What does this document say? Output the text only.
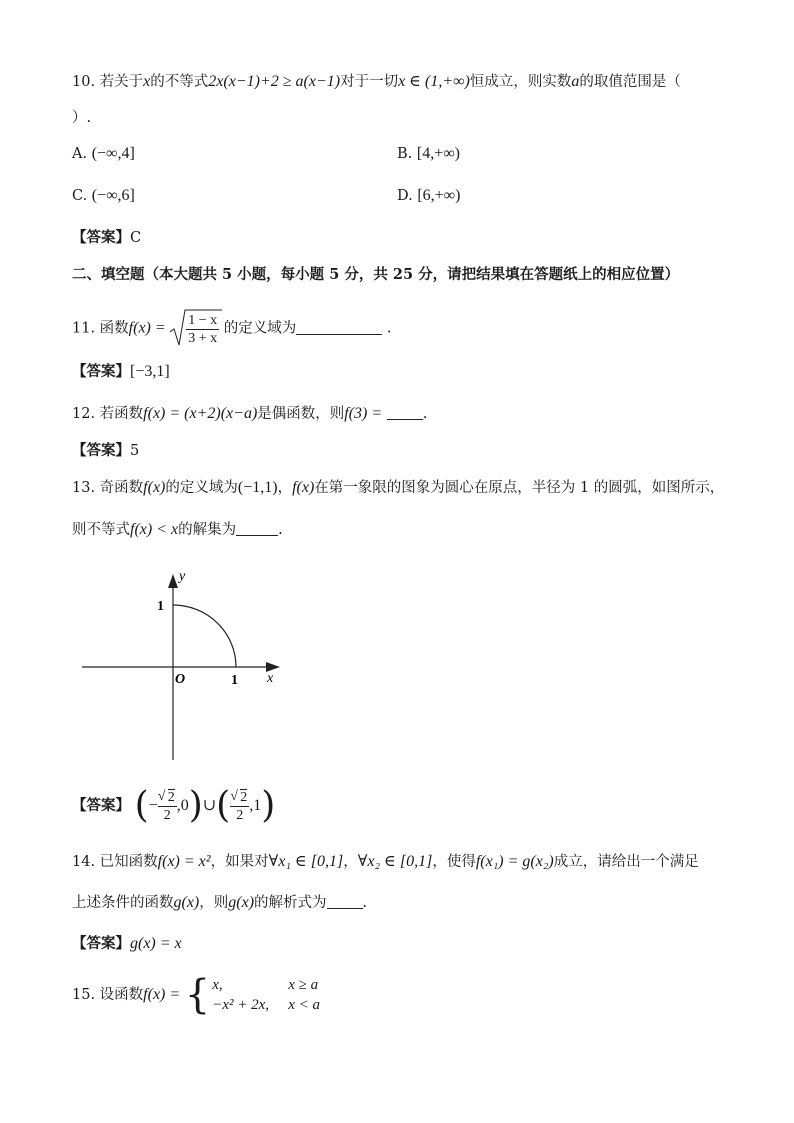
10. 若关于x的不等式2x(x−1)+2 ≥ a(x−1)对于一切x ∈ (1,+∞)恒成立，则实数a的取值范围是（
）.
A. (−∞,4]	B. [4,+∞)
C. (−∞,6]	D. [6,+∞)
【答案】C
二、填空题（本大题共 5 小题，每小题 5 分，共 25 分，请把结果填在答题纸上的相应位置）
11. 函数$f(x) = \frac{1 - x}{3 + x}$ 的定义域为	.
【答案】[−3,1]
12. 若函数f(x) = (x+2)(x−a)是偶函数，则f(3) =	.
【答案】5
13. 奇函数f(x)的定义域为(−1,1)，f(x)在第一象限的图象为圆心在原点，半径为 1 的圆弧，如图所示，
则不等式f(x) < x的解集为	.
y
x
O
1
1
【答案】 (− $\frac{√ 2}{2}$ ,0)∪( $\frac{√ 2}{2} ,1$)
14. 已知函数f(x) = x²，如果对∀x₁ ∈ [0,1]，∀x₂ ∈ [0,1]，使得f(x₁) = g(x₂)成立，请给出一个满足
上述条件的函数g(x)，则g(x)的解析式为 .
【答案】g(x) = x
15. 设函数f(x) = { x,	x ≥ a
−x² + 2x,	x < a
